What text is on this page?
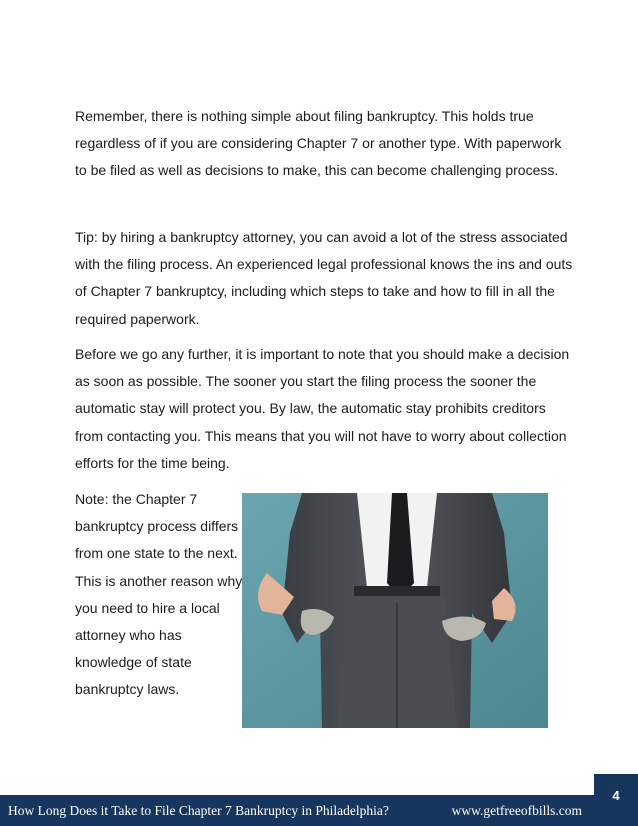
Remember, there is nothing simple about filing bankruptcy. This holds true regardless of if you are considering Chapter 7 or another type. With paperwork to be filed as well as decisions to make, this can become challenging process.

Tip: by hiring a bankruptcy attorney, you can avoid a lot of the stress associated with the filing process. An experienced legal professional knows the ins and outs of Chapter 7 bankruptcy, including which steps to take and how to fill in all the required paperwork.

Before we go any further, it is important to note that you should make a decision as soon as possible. The sooner you start the filing process the sooner the automatic stay will protect you. By law, the automatic stay prohibits creditors from contacting you. This means that you will not have to worry about collection efforts for the time being.

Note: the Chapter 7 bankruptcy process differs from one state to the next. This is another reason why you need to hire a local attorney who has knowledge of state bankruptcy laws.

How Long Does it Take to File Chapter 7 Bankruptcy in Philadelphia?	www.getfreeofbills.com
4
